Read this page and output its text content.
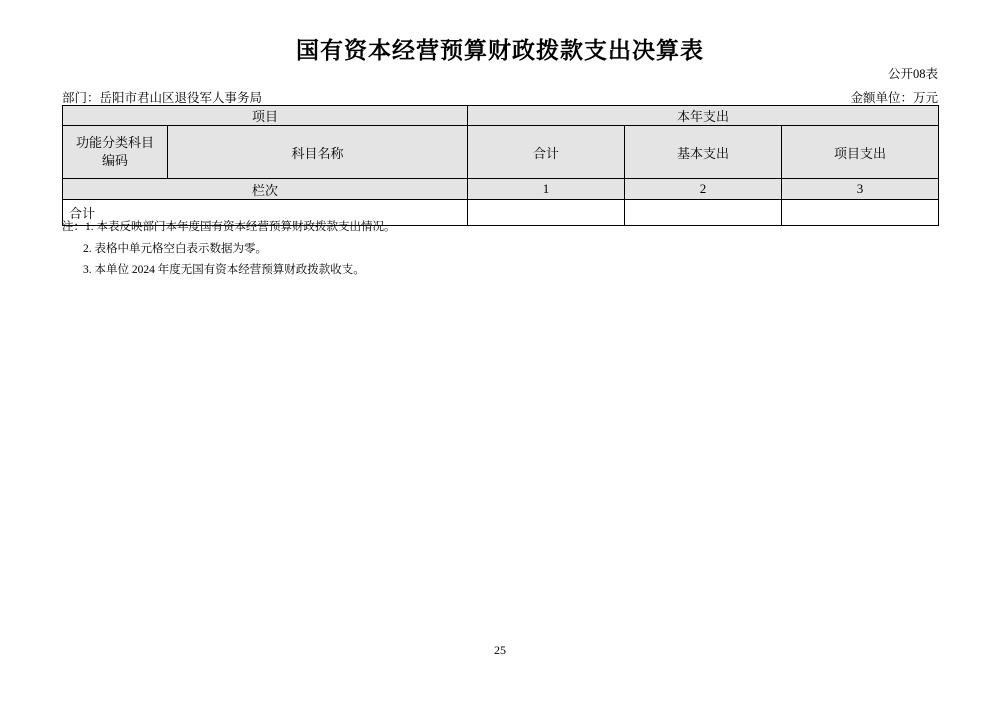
国有资本经营预算财政拨款支出决算表
公开08表
部门：岳阳市君山区退役军人事务局	金额单位：万元
项目		本年支出		

功能分类科目
编码	科目名称	合计	基本支出	项目支出
栏次		1	2	3
合计				

注：1. 本表反映部门本年度国有资本经营预算财政拨款支出情况。

2. 表格中单元格空白表示数据为零。

3. 本单位 2024 年度无国有资本经营预算财政拨款收支。

25
